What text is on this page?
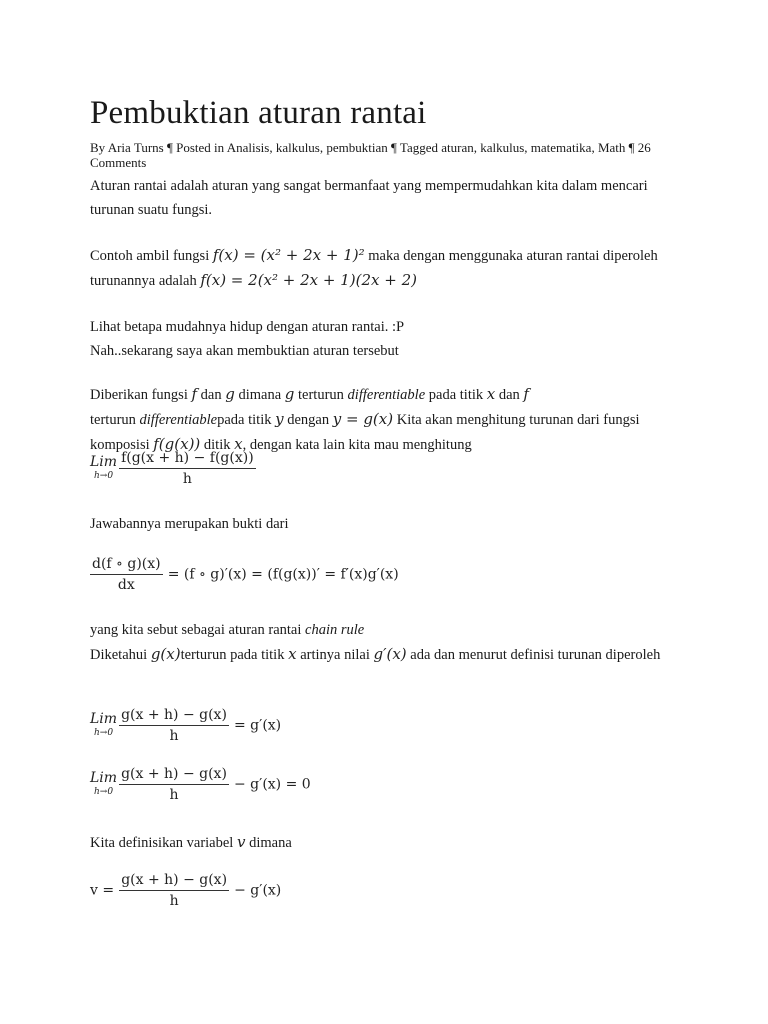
Pembuktian aturan rantai
By Aria Turns ¶ Posted in Analisis, kalkulus, pembuktian ¶ Tagged aturan, kalkulus, matematika, Math ¶ 26 Comments
Aturan rantai adalah aturan yang sangat bermanfaat yang mempermudahkan kita dalam mencari turunan suatu fungsi.
Contoh ambil fungsi f(x) = (x² + 2x + 1)² maka dengan menggunaka aturan rantai diperoleh turunannya adalah f(x) = 2(x² + 2x + 1)(2x + 2)
Lihat betapa mudahnya hidup dengan aturan rantai. :P
Nah..sekarang saya akan membuktian aturan tersebut
Diberikan fungsi f dan g dimana g terturun differentiable pada titik x dan f
terturun differentiablepada titik y dengan y = g(x) Kita akan menghitung turunan dari fungsi komposisi f(g(x)) ditik x, dengan kata lain kita mau menghitung
Lim
$h\to 0 \frac{f(g(x + h) - f(g(x))}{h}$
Jawabannya merupakan bukti dari
$\frac{d(f \circ g)(x)}{dx} = (f$ ∘ g)′(x) = (f(g(x))′ = f′(x)g′(x)
yang kita sebut sebagai aturan rantai chain rule
Diketahui g(x)terturun pada titik x artinya nilai g′(x) ada dan menurut definisi turunan diperoleh
Lim
$h\to 0 \frac{g(x + h) - g(x)}{h} = g'(x)$
Lim
$h\to 0 \frac{g(x + h) - g(x)}{h} - g'(x) = 0$
Kita definisikan variabel v dimana
$v = \frac{g(x + h) - g(x)}{h} - g'(x)$
